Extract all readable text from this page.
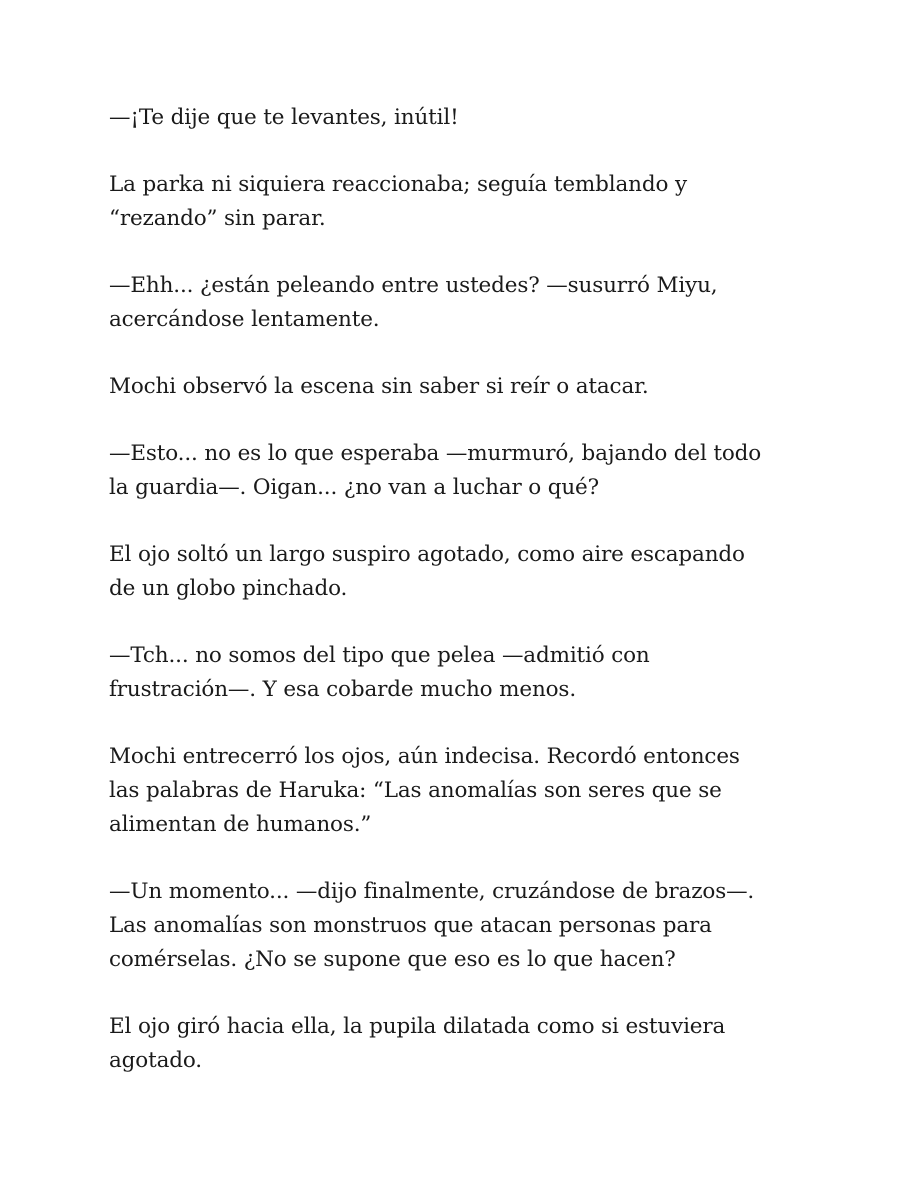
—¡Te dije que te levantes, inútil!

La parka ni siquiera reaccionaba; seguía temblando y
“rezando” sin parar.

—Ehh... ¿están peleando entre ustedes? —susurró Miyu,
acercándose lentamente.

Mochi observó la escena sin saber si reír o atacar.

—Esto... no es lo que esperaba —murmuró, bajando del todo
la guardia—. Oigan... ¿no van a luchar o qué?

El ojo soltó un largo suspiro agotado, como aire escapando
de un globo pinchado.

—Tch... no somos del tipo que pelea —admitió con
frustración—. Y esa cobarde mucho menos.

Mochi entrecerró los ojos, aún indecisa. Recordó entonces
las palabras de Haruka: “Las anomalías son seres que se
alimentan de humanos.”

—Un momento... —dijo finalmente, cruzándose de brazos—.
Las anomalías son monstruos que atacan personas para
comérselas. ¿No se supone que eso es lo que hacen?

El ojo giró hacia ella, la pupila dilatada como si estuviera
agotado.
